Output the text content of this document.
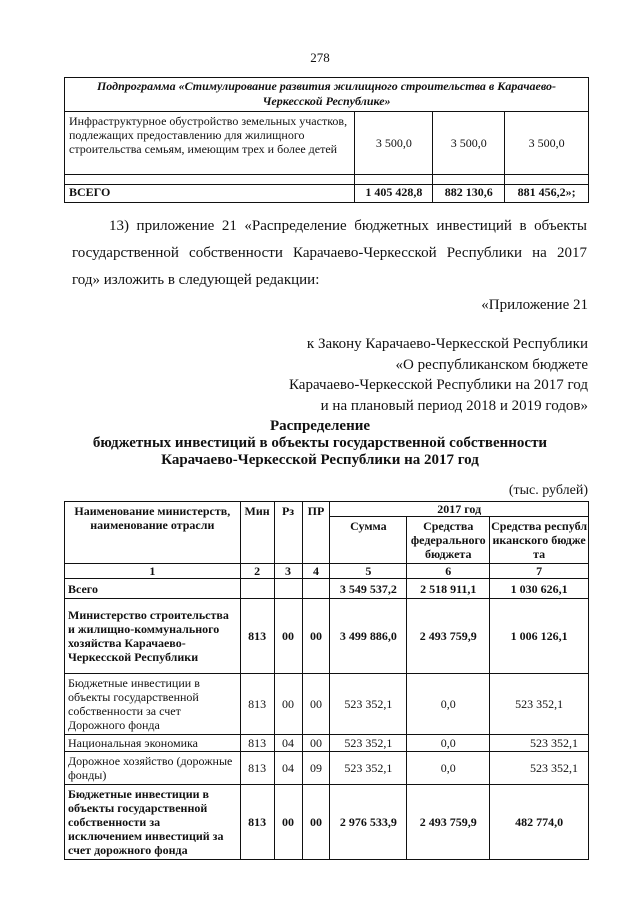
278
Подпрограмма «Стимулирование развития жилищного строительства в Карачаево-Черкесской Республике»			
Инфраструктурное обустройство земельных участков, подлежащих предоставлению для жилищного строительства семьям, имеющим трех и более детей	3 500,0	3 500,0	3 500,0

ВСЕГО	1 405 428,8	882 130,6	881 456,2»;
13) приложение 21 «Распределение бюджетных инвестиций в объекты
государственной собственности Карачаево-Черкесской Республики на 2017
год» изложить в следующей редакции:
«Приложение 21
к Закону Карачаево-Черкесской Республики
«О республиканском бюджете
Карачаево-Черкесской Республики на 2017 год
и на плановый период 2018 и 2019 годов»
Распределение
бюджетных инвестиций в объекты государственной собственности
Карачаево-Черкесской Республики на 2017 год
(тыс. рублей)
Наименование министерств, наименование отрасли	Мин	Рз	ПР	2017 год		
				Сумма	Средства федерального бюджета	Средства республиканского бюджета
1	2	3	4	5	6	7
Всего				3 549 537,2	2 518 911,1	1 030 626,1
Министерство строительства и жилищно-коммунального хозяйства Карачаево-Черкесской Республики	813	00	00	3 499 886,0	2 493 759,9	1 006 126,1
Бюджетные инвестиции в объекты государственной собственности за счет Дорожного фонда	813	00	00	523 352,1	0,0	523 352,1
Национальная экономика	813	04	00	523 352,1	0,0	523 352,1
Дорожное хозяйство (дорожные фонды)	813	04	09	523 352,1	0,0	523 352,1
Бюджетные инвестиции в объекты государственной собственности за исключением инвестиций за счет дорожного фонда	813	00	00	2 976 533,9	2 493 759,9	482 774,0
